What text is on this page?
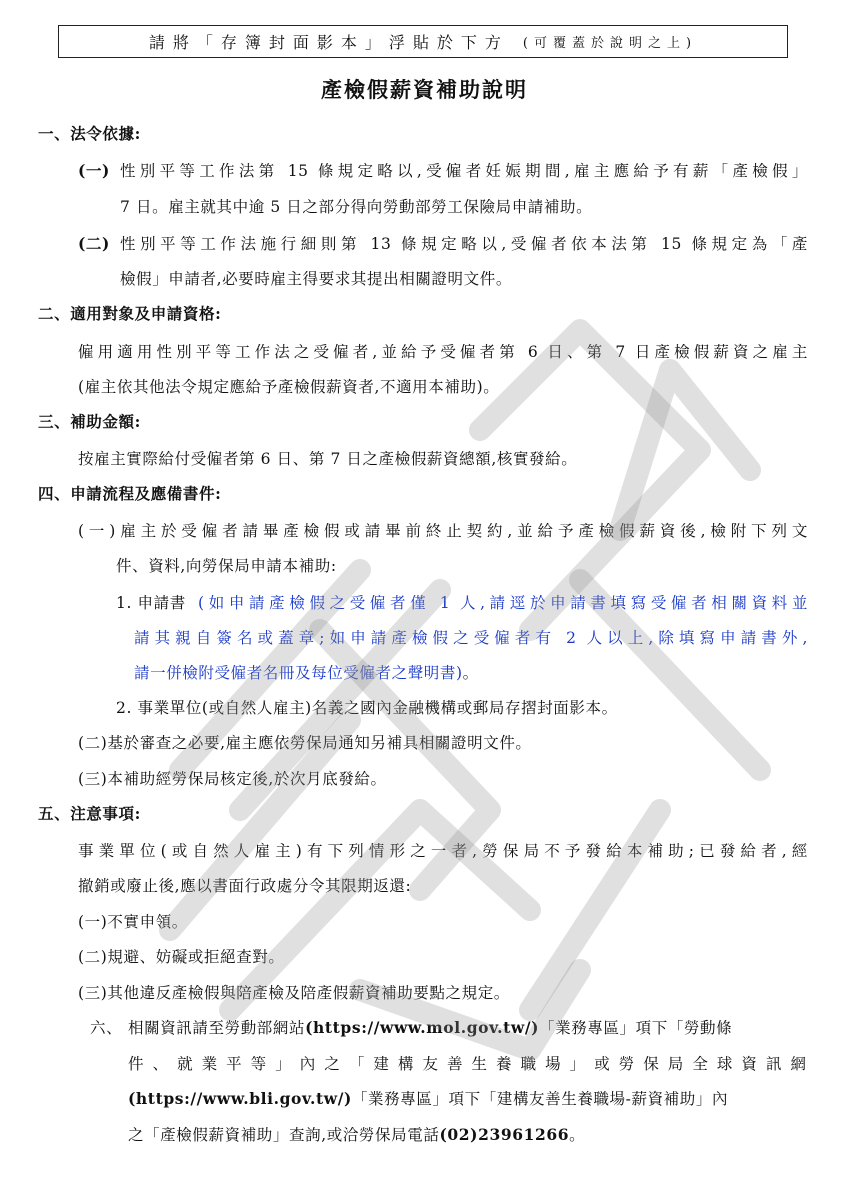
請將「存簿封面影本」浮貼於下方 (可覆蓋於說明之上)
產檢假薪資補助說明
一、法令依據:
(一) 性別平等工作法第 15 條規定略以,受僱者妊娠期間,雇主應給予有薪「產檢假」
7 日。雇主就其中逾 5 日之部分得向勞動部勞工保險局申請補助。
(二) 性別平等工作法施行細則第 13 條規定略以,受僱者依本法第 15 條規定為「產
檢假」申請者,必要時雇主得要求其提出相關證明文件。
二、適用對象及申請資格:
僱用適用性別平等工作法之受僱者,並給予受僱者第 6 日、第 7 日產檢假薪資之雇主
(雇主依其他法令規定應給予產檢假薪資者,不適用本補助)。
三、補助金額:
按雇主實際給付受僱者第 6 日、第 7 日之產檢假薪資總額,核實發給。
四、申請流程及應備書件:
(一)雇主於受僱者請畢產檢假或請畢前終止契約,並給予產檢假薪資後,檢附下列文
件、資料,向勞保局申請本補助:
1. 申請書 (如申請產檢假之受僱者僅 1 人,請逕於申請書填寫受僱者相關資料並
請其親自簽名或蓋章;如申請產檢假之受僱者有 2 人以上,除填寫申請書外,
請一併檢附受僱者名冊及每位受僱者之聲明書)。
2. 事業單位(或自然人雇主)名義之國內金融機構或郵局存摺封面影本。
(二)基於審查之必要,雇主應依勞保局通知另補具相關證明文件。
(三)本補助經勞保局核定後,於次月底發給。
五、注意事項:
事業單位(或自然人雇主)有下列情形之一者,勞保局不予發給本補助;已發給者,經
撤銷或廢止後,應以書面行政處分令其限期返還:
(一)不實申領。
(二)規避、妨礙或拒絕查對。
(三)其他違反產檢假與陪產檢及陪產假薪資補助要點之規定。
六、 相關資訊請至勞動部網站(https://www.mol.gov.tw/)「業務專區」項下「勞動條
件、就業平等」內之「建構友善生養職場」或勞保局全球資訊網
(https://www.bli.gov.tw/)「業務專區」項下「建構友善生養職場-薪資補助」內
之「產檢假薪資補助」查詢,或洽勞保局電話(02)23961266。
